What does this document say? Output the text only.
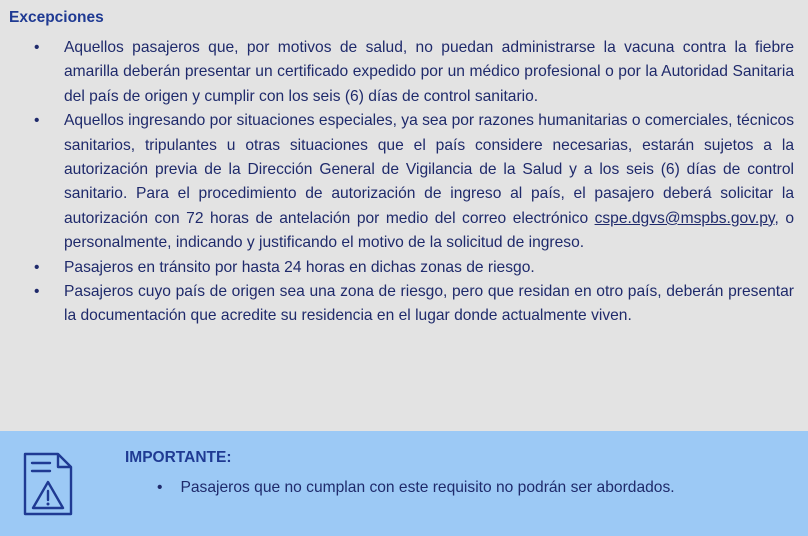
Excepciones
• Aquellos pasajeros que, por motivos de salud, no puedan administrarse la vacuna contra la fiebre amarilla deberán presentar un certificado expedido por un médico profesional o por la Autoridad Sanitaria del país de origen y cumplir con los seis (6) días de control sanitario.
• Aquellos ingresando por situaciones especiales, ya sea por razones humanitarias o comerciales, técnicos sanitarios, tripulantes u otras situaciones que el país considere necesarias, estarán sujetos a la autorización previa de la Dirección General de Vigilancia de la Salud y a los seis (6) días de control sanitario. Para el procedimiento de autorización de ingreso al país, el pasajero deberá solicitar la autorización con 72 horas de antelación por medio del correo electrónico cspe.dgvs@mspbs.gov.py, o personalmente, indicando y justificando el motivo de la solicitud de ingreso.
• Pasajeros en tránsito por hasta 24 horas en dichas zonas de riesgo.
• Pasajeros cuyo país de origen sea una zona de riesgo, pero que residan en otro país, deberán presentar la documentación que acredite su residencia en el lugar donde actualmente viven.
IMPORTANTE:
• Pasajeros que no cumplan con este requisito no podrán ser abordados.
